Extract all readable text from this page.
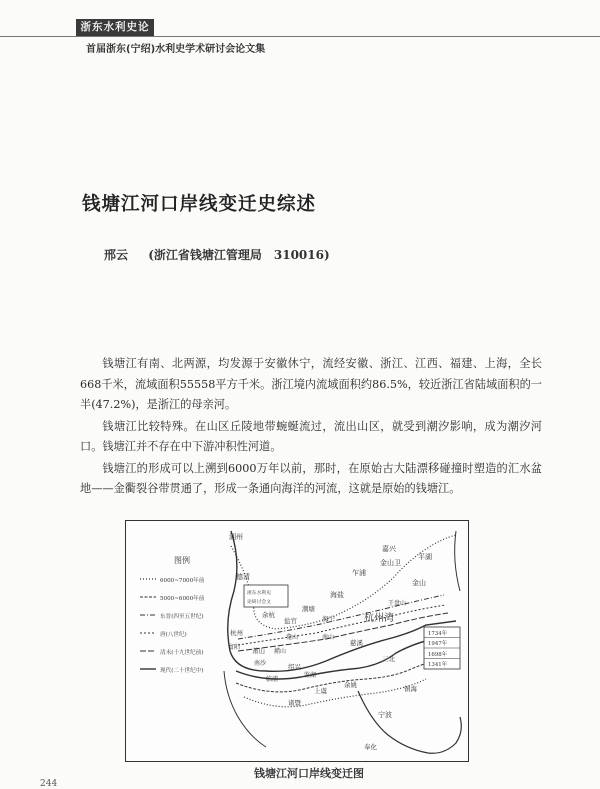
浙东水利史论
首届浙东(宁绍)水利史学术研讨会论文集
钱塘江河口岸线变迁史综述
邢云 (浙江省钱塘江管理局　310016)

钱塘江有南、北两源，均发源于安徽休宁，流经安徽、浙江、江西、福建、上海，全长668千米，流域面积55558平方千米。浙江境内流域面积约86.5%，较近浙江省陆域面积的一半(47.2%)，是浙江的母亲河。

钱塘江比较特殊。在山区丘陵地带蜿蜒流过，流出山区，就受到潮汐影响，成为潮汐河口。钱塘江并不存在中下游冲积性河道。

钱塘江的形成可以上溯到6000万年以前，那时，在原始古大陆漂移碰撞时塑造的汇水盆地——金衢裂谷带贯通了，形成一条通向海洋的河流，这就是原始的钱塘江。

图例
6000~7000年前
5000~6000年前
东晋(四至五世纪)
唐(八世纪)
清末(十九世纪前)
现代(二十世纪中)
浙东水利史
论研讨会文
1734年
1947年
1698年
1341年
湖州
德清
嘉兴
平湖
金山卫
乍浦
海盐
金山
杭州湾
王盘山
潮塘
余杭
盐官	海宁
杭州
萧山
绍兴
上虞
余姚
慈溪
镇海
宁波
奉化
诸暨
富阳
龛山
赭山
临浦
南山
三北
鉴湖
南沙
钱塘江河口岸线变迁图
244
